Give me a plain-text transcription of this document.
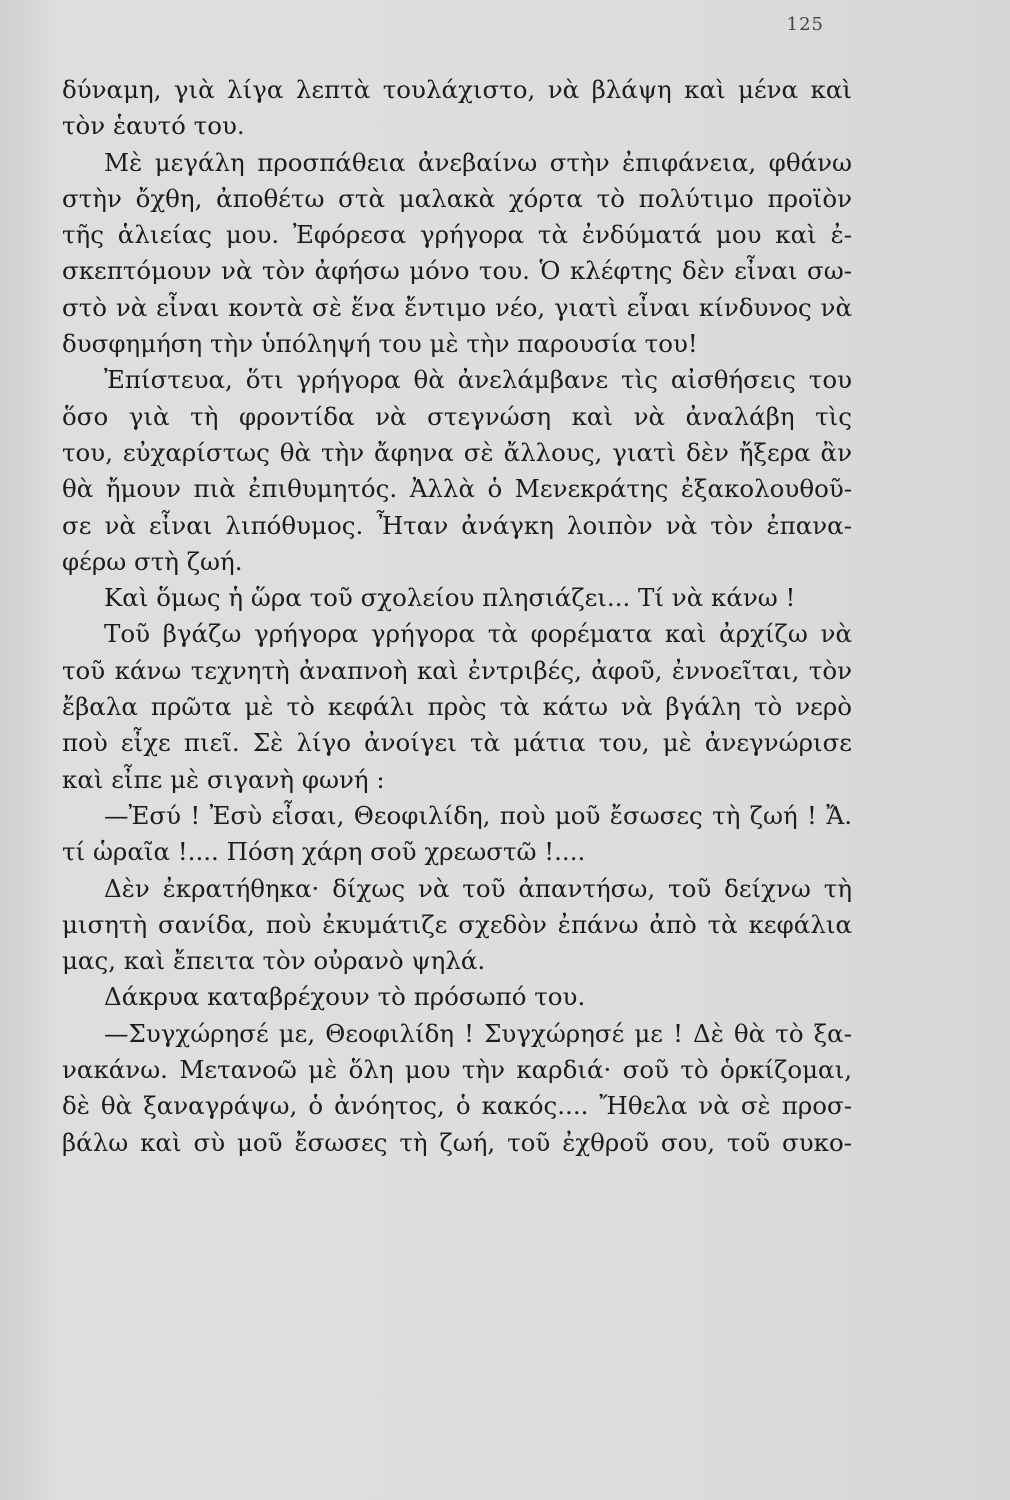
125
δύναμη, γιὰ λίγα λεπτὰ τουλάχιστο, νὰ βλάψη καὶ μένα καὶ
τὸν ἑαυτό του.
Μὲ μεγάλη προσπάθεια ἀνεβαίνω στὴν ἐπιφάνεια, φθάνω
στὴν ὄχθη, ἀποθέτω στὰ μαλακὰ χόρτα τὸ πολύτιμο προϊὸν
τῆς ἁλιείας μου. Ἐφόρεσα γρήγορα τὰ ἐνδύματά μου καὶ ἐ-
σκεπτόμουν νὰ τὸν ἀφήσω μόνο του. Ὁ κλέφτης δὲν εἶναι σω-
στὸ νὰ εἶναι κοντὰ σὲ ἕνα ἔντιμο νέο, γιατὶ εἶναι κίνδυνος νὰ
δυσφημήση τὴν ὑπόληψή του μὲ τὴν παρουσία του!
Ἐπίστευα, ὅτι γρήγορα θὰ ἀνελάμβανε τὶς αἰσθήσεις του
ὅσο γιὰ τὴ φροντίδα νὰ στεγνώση καὶ νὰ ἀναλάβη τὶς
του, εὐχαρίστως θὰ τὴν ἄφηνα σὲ ἄλλους, γιατὶ δὲν ἤξερα ἂν
θὰ ἤμουν πιὰ ἐπιθυμητός. Ἀλλὰ ὁ Μενεκράτης ἐξακολουθοῦ-
σε νὰ εἶναι λιπόθυμος. Ἦταν ἀνάγκη λοιπὸν νὰ τὸν ἐπανα-
φέρω στὴ ζωή.
Καὶ ὅμως ἡ ὥρα τοῦ σχολείου πλησιάζει... Τί νὰ κάνω !
Τοῦ βγάζω γρήγορα γρήγορα τὰ φορέματα καὶ ἀρχίζω νὰ
τοῦ κάνω τεχνητὴ ἀναπνοὴ καὶ ἐντριβές, ἀφοῦ, ἐννοεῖται, τὸν
ἔβαλα πρῶτα μὲ τὸ κεφάλι πρὸς τὰ κάτω νὰ βγάλη τὸ νερὸ
ποὺ εἶχε πιεῖ. Σὲ λίγο ἀνοίγει τὰ μάτια του, μὲ ἀνεγνώρισε
καὶ εἶπε μὲ σιγανὴ φωνή :
—Ἐσύ ! Ἐσὺ εἶσαι, Θεοφιλίδη, ποὺ μοῦ ἔσωσες τὴ ζωή ! Ἄ.
τί ὡραῖα !.... Πόση χάρη σοῦ χρεωστῶ !....
Δὲν ἐκρατήθηκα· δίχως νὰ τοῦ ἀπαντήσω, τοῦ δείχνω τὴ
μισητὴ σανίδα, ποὺ ἐκυμάτιζε σχεδὸν ἐπάνω ἀπὸ τὰ κεφάλια
μας, καὶ ἔπειτα τὸν οὐρανὸ ψηλά.
Δάκρυα καταβρέχουν τὸ πρόσωπό του.
—Συγχώρησέ με, Θεοφιλίδη ! Συγχώρησέ με ! Δὲ θὰ τὸ ξα-
νακάνω. Μετανοῶ μὲ ὅλη μου τὴν καρδιά· σοῦ τὸ ὁρκίζομαι,
δὲ θὰ ξαναγράψω, ὁ ἀνόητος, ὁ κακός.... Ἤθελα νὰ σὲ προσ-
βάλω καὶ σὺ μοῦ ἔσωσες τὴ ζωή, τοῦ ἐχθροῦ σου, τοῦ συκο-
